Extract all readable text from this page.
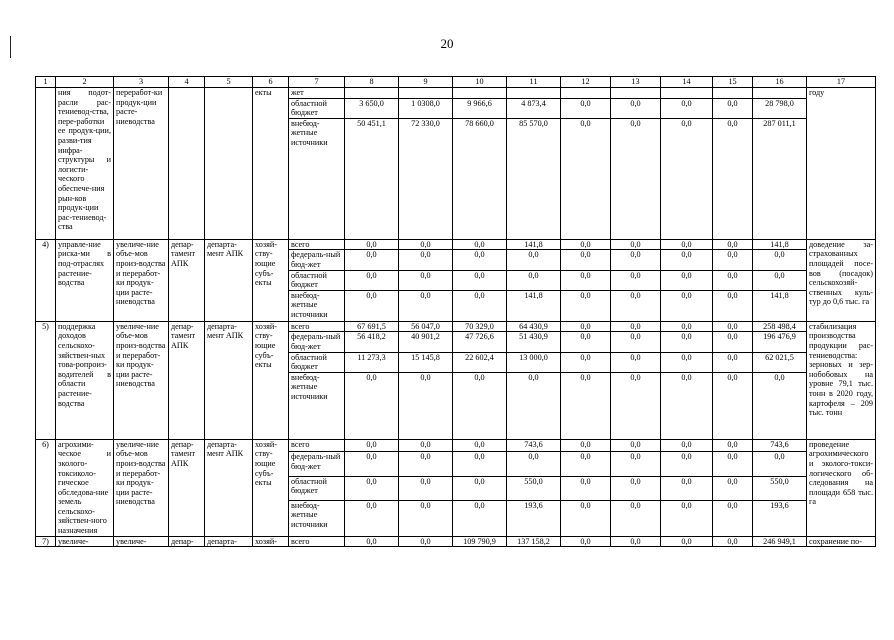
20
1	2	3	4	5	6	7	8	9	10	11	12	13	14	15	16	17
	ния подот-расли рас-тениевод-ства, пере-работки ее продук-ции, разви-тия инфра-структуры и логисти-ческого обеспече-ния рын-ков продук-ции рас-тениевод-ства	переработ-ки продук-ции расте-ниеводства			екты	жет										году
						областной бюджет	3 650,0	1 0308,0	9 966,6	4 873,4	0,0	0,0	0,0	0,0	28 798,0	
						внебюд-жетные источники	50 451,1	72 330,0	78 660,0	85 570,0	0,0	0,0	0,0	0,0	287 011,1	
4)	управле-ние риска-ми в под-отраслях растение-водства	увеличе-ние объе-мов произ-водства и переработ-ки продук-ции расте-ниеводства	депар-тамент АПК	департа-мент АПК	хозяй-ству-ющие субъ-екты	всего	0,0	0,0	0,0	141,8	0,0	0,0	0,0	0,0	141,8	доведение за-страхованных площадей посе-вов (посадок) сельскохозяй-ственных куль-тур до 0,6 тыс. га
						федераль-ный бюд-жет	0,0	0,0	0,0	0,0	0,0	0,0	0,0	0,0	0,0	
						областной бюджет	0,0	0,0	0,0	0,0	0,0	0,0	0,0	0,0	0,0	
						внебюд-жетные источники	0,0	0,0	0,0	141,8	0,0	0,0	0,0	0,0	141,8	
5)	поддержка доходов сельскохо-зяйствен-ных това-ропроиз-водителей в области растение-водства	увеличе-ние объе-мов произ-водства и переработ-ки продук-ции расте-ниеводства	депар-тамент АПК	департа-мент АПК	хозяй-ству-ющие субъ-екты	всего	67 691,5	56 047,0	70 329,0	64 430,9	0,0	0,0	0,0	0,0	258 498,4	стабилизация производства продукции рас-тениеводства: зерновых и зер-нобобовых на уровне 79,1 тыс. тонн в 2020 году, картофеля – 209 тыс. тонн
						федераль-ный бюд-жет	56 418,2	40 901,2	47 726,6	51 430,9	0,0	0,0	0,0	0,0	196 476,9	
						областной бюджет	11 273,3	15 145,8	22 602,4	13 000,0	0,0	0,0	0,0	0,0	62 021,5	
						внебюд-жетные источники	0,0	0,0	0,0	0,0	0,0	0,0	0,0	0,0	0,0	
6)	агрохими-ческое и эколого-токсиколо-гическое обследова-ние земель сельскохо-зяйствен-ного назначения	увеличе-ние объе-мов произ-водства и переработ-ки продук-ции расте-ниеводства	депар-тамент АПК	департа-мент АПК	хозяй-ству-ющие субъ-екты	всего	0,0	0,0	0,0	743,6	0,0	0,0	0,0	0,0	743,6	проведение агрохимического и эколого-токси-логического об-следования на площади 658 тыс. га
						федераль-ный бюд-жет	0,0	0,0	0,0	0,0	0,0	0,0	0,0	0,0	0,0	
						областной бюджет	0,0	0,0	0,0	550,0	0,0	0,0	0,0	0,0	550,0	
						внебюд-жетные источники	0,0	0,0	0,0	193,6	0,0	0,0	0,0	0,0	193,6	
7)	увеличе-	увеличе-	депар-	департа-	хозяй-	всего	0,0	0,0	109 790,9	137 158,2	0,0	0,0	0,0	0,0	246 949,1	сохранение по-
